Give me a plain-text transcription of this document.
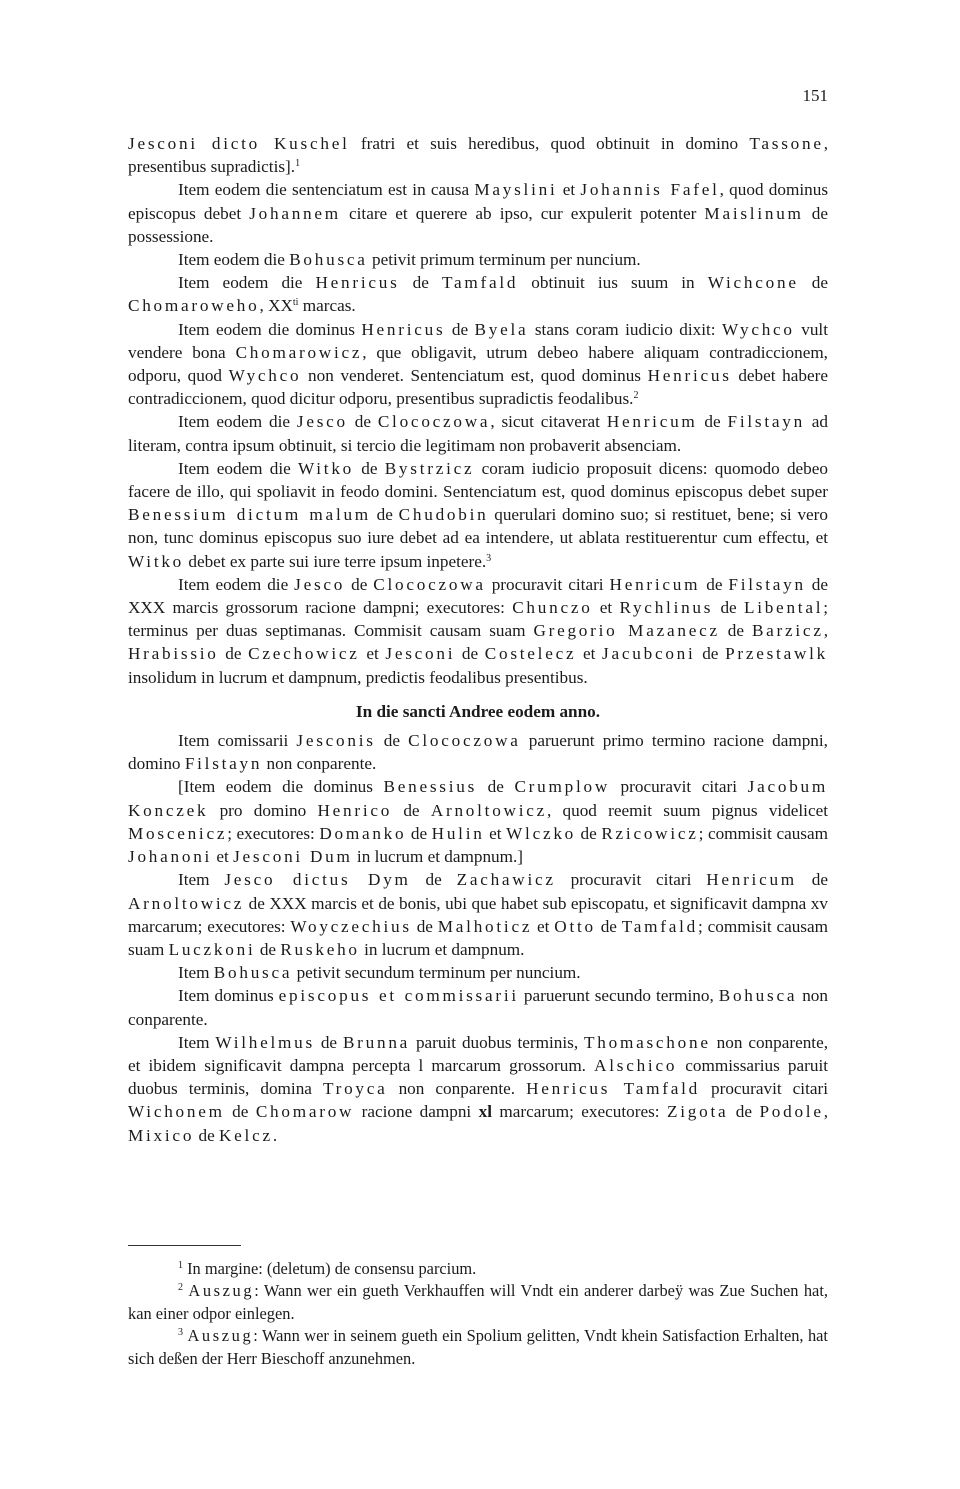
151

Jesconi dicto Kuschel fratri et suis heredibus, quod obtinuit in domino Tassone, presentibus supradictis].$^1$

Item eodem die sentenciatum est in causa Mayslini et Johannis Fafel, quod dominus episcopus debet Johannem citare et querere ab ipso, cur expulerit potenter Maislinum de possessione.

Item eodem die Bohusca petivit primum terminum per nuncium.

Item eodem die Henricus de Tamfald obtinuit ius suum in Wichcone de Chomaroweho, $XX^{ti}$ marcas.

Item eodem die dominus Henricus de Byela stans coram iudicio dixit: Wychco vult vendere bona Chomarowicz, que obligavit, utrum debeo habere aliquam contradiccionem, odporu, quod Wychco non venderet. Sentenciatum est, quod dominus Henricus debet habere contradiccionem, quod dicitur odporu, presentibus supradictis feodalibus.$^2$

Item eodem die Jesco de Clococzowa, sicut citaverat Henricum de Filstayn ad literam, contra ipsum obtinuit, si tercio die legitimam non probaverit absenciam.

Item eodem die Witko de Bystrzicz coram iudicio proposuit dicens: quomodo debeo facere de illo, qui spoliavit in feodo domini. Sentenciatum est, quod dominus episcopus debet super Benessium dictum malum de Chudobin querulari domino suo; si restituet, bene; si vero non, tunc dominus episcopus suo iure debet ad ea intendere, ut ablata restituerentur cum effectu, et Witko debet ex parte sui iure terre ipsum inpetere.$^3$

Item eodem die Jesco de Clococzowa procuravit citari Henricum de Filstayn de XXX marcis grossorum racione dampni; executores: Chunczo et Rychlinus de Libental; terminus per duas septimanas. Commisit causam suam Gregorio Mazanecz de Barzicz, Hrabissio de Czechowicz et Jesconi de Costelecz et Jacubconi de Przestawlk insolidum in lucrum et dampnum, predictis feodalibus presentibus.

In die sancti Andree eodem anno.

Item comissarii Jesconis de Clococzowa paruerunt primo termino racione dampni, domino Filstayn non conparente.

[Item eodem die dominus Benessius de Crumplow procuravit citari Jacobum Konczek pro domino Henrico de Arnoltowicz, quod reemit suum pignus videlicet Moscenicz; executores: Domanko de Hulin et Wlczko de Rzicowicz; commisit causam Johanoni et Jesconi Dum in lucrum et dampnum.]

Item Jesco dictus Dym de Zachawicz procuravit citari Henricum de Arnoltowicz de XXX marcis et de bonis, ubi que habet sub episcopatu, et significavit dampna xv marcarum; executores: Woyczechius de Malhoticz et Otto de Tamfald; commisit causam suam Luczkoni de Ruskeho in lucrum et dampnum.

Item Bohusca petivit secundum terminum per nuncium.

Item dominus episcopus et commissarii paruerunt secundo termino, Bohusca non conparente.

Item Wilhelmus de Brunna paruit duobus terminis, Thomaschone non conparente, et ibidem significavit dampna percepta l marcarum grossorum. Alschico commissarius paruit duobus terminis, domina Troyca non conparente. Henricus Tamfald procuravit citari Wichonem de Chomarow racione dampni xl marcarum; executores: Zigota de Podole, Mixico de Kelcz.

$^1$ In margine: (deletum) de consensu parcium.

$^2$ Auszug: Wann wer ein gueth Verkhauffen will Vndt ein anderer darbeÿ was Zue Suchen hat, kan einer odpor einlegen.

$^3$ Auszug: Wann wer in seinem gueth ein Spolium gelitten, Vndt khein Satisfaction Erhalten, hat sich deßen der Herr Bieschoff anzunehmen.
